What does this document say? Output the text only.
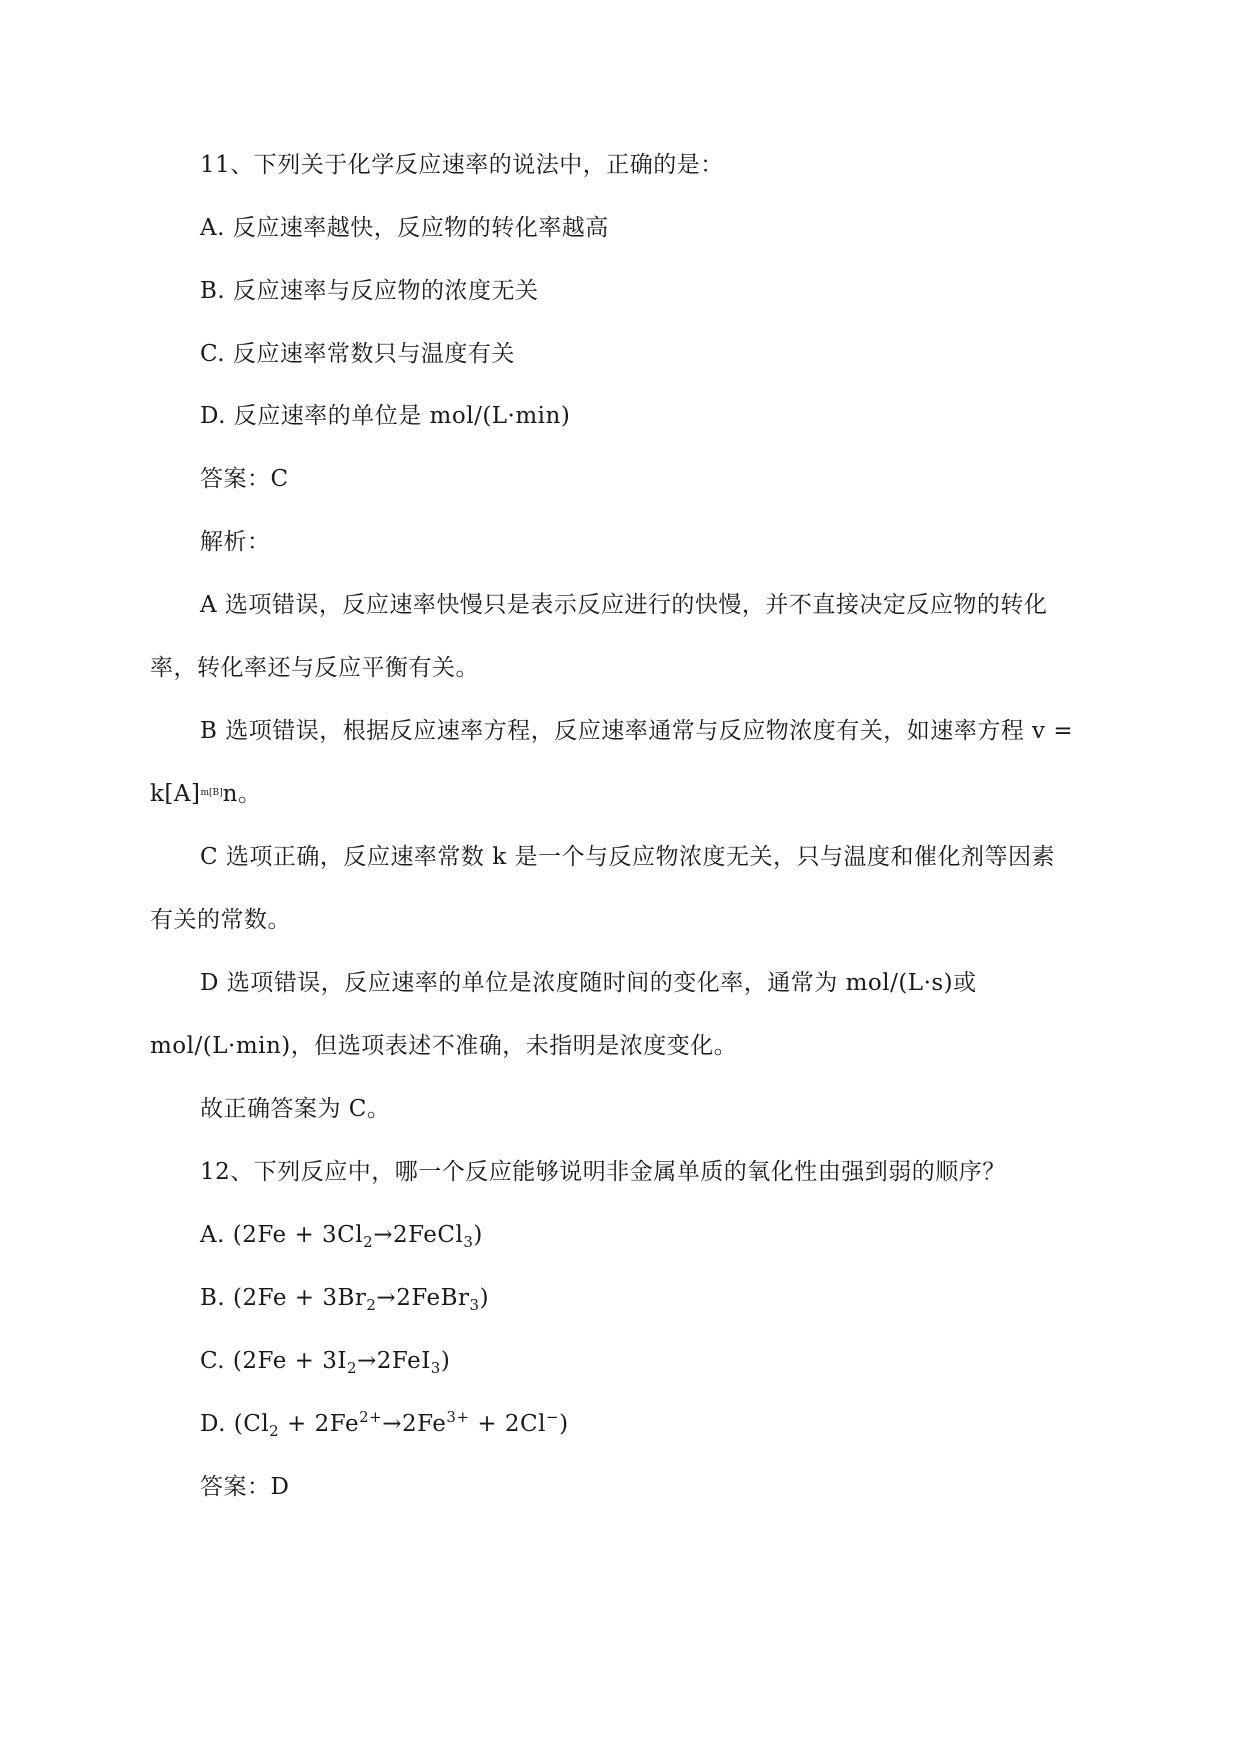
11、下列关于化学反应速率的说法中，正确的是：
A. 反应速率越快，反应物的转化率越高
B. 反应速率与反应物的浓度无关
C. 反应速率常数只与温度有关
D. 反应速率的单位是 mol/(L·min)
答案：C
解析：
A 选项错误，反应速率快慢只是表示反应进行的快慢，并不直接决定反应物的转化
率，转化率还与反应平衡有关。
B 选项错误，根据反应速率方程，反应速率通常与反应物浓度有关，如速率方程 v =
$k[A]^{m[B]}n$。
C 选项正确，反应速率常数 k 是一个与反应物浓度无关，只与温度和催化剂等因素
有关的常数。
D 选项错误，反应速率的单位是浓度随时间的变化率，通常为 mol/(L·s)或
mol/(L·min)，但选项表述不准确，未指明是浓度变化。
故正确答案为 C。
12、下列反应中，哪一个反应能够说明非金属单质的氧化性由强到弱的顺序？
A. $(2Fe + 3Cl_2\to 2FeCl_3)$
B. $(2Fe + 3Br_2\to 2FeBr_3)$
C. $(2Fe + 3I_2\to 2FeI_3)$
D. $(Cl_2 + 2Fe^{2+}\to 2Fe^{3+} + 2Cl^-)$
答案：D
